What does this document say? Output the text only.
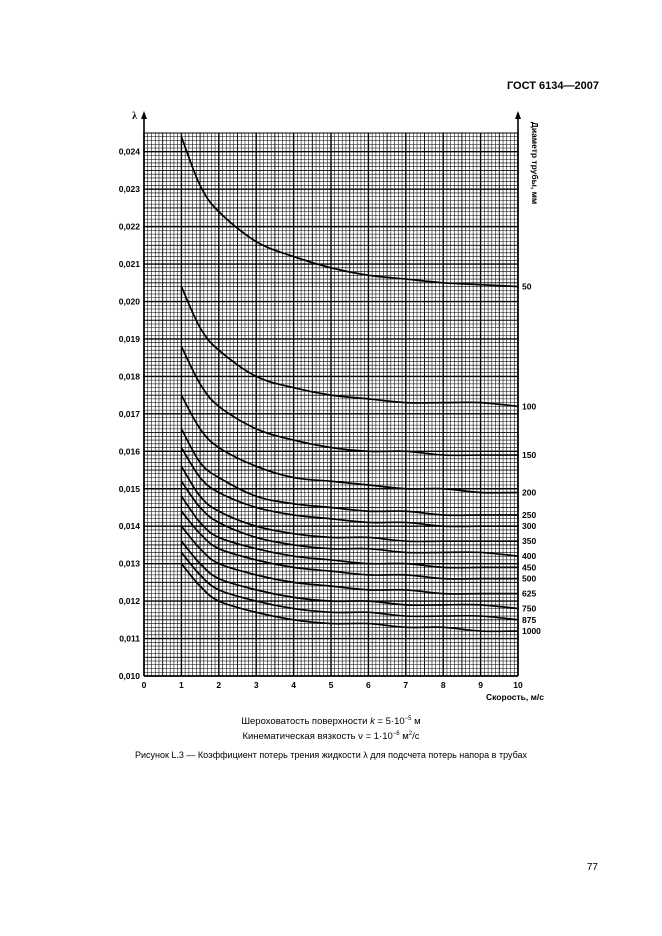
ГОСТ 6134—2007
0,010
0,011
0,012
0,013
0,014
0,015
0,016
0,017
0,018
0,019
0,020
0,021
0,022
0,023
0,024
0	1	2	3	4	5	6	7	8	9	10
λ
Скорость, м/с
Диаметр трубы, мм
50
100
150
200
250
300
350
400
450
500
625
750
875
1000
Шероховатость поверхности $k = 5\cdot 10^{-5}$ м
Кинематическая вязкость $\nu = 1\cdot 10^{-6}$ $м^2/с$
Рисунок L.3 — Коэффициент потерь трения жидкости λ для подсчета потерь напора в трубах
77
